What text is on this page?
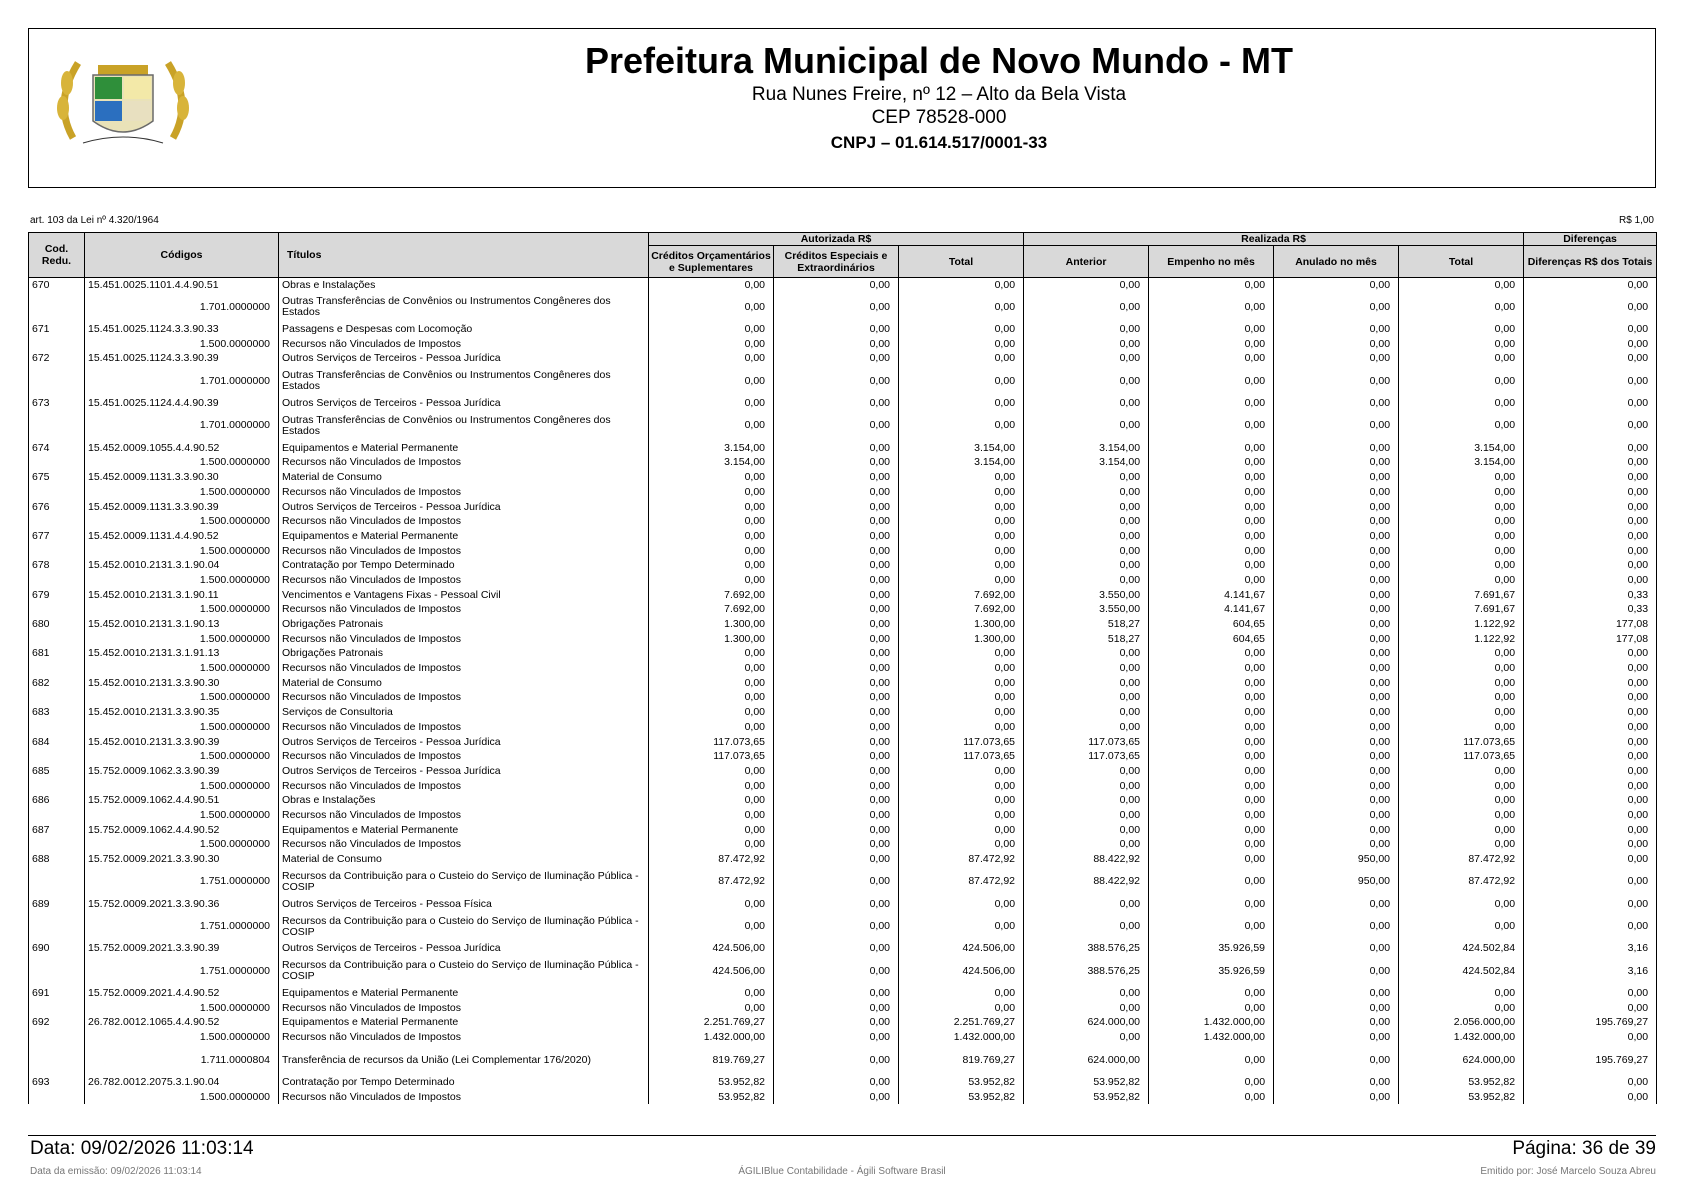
Prefeitura Municipal de Novo Mundo - MT
Rua Nunes Freire, nº 12 – Alto da Bela Vista
CEP 78528-000
CNPJ – 01.614.517/0001-33
art. 103 da Lei nº 4.320/1964	R$ 1,00
Cod. Redu.	Códigos	Títulos	Autorizada R$			Realizada R$				Diferenças
			Créditos Orçamentários e Suplementares	Créditos Especiais e Extraordinários	Total	Anterior	Empenho no mês	Anulado no mês	Total	Diferenças R$ dos Totais
670	15.451.0025.1101.4.4.90.51	Obras e Instalações	0,00	0,00	0,00	0,00	0,00	0,00	0,00	0,00
	1.701.0000000	Outras Transferências de Convênios ou Instrumentos Congêneres dos Estados	0,00	0,00	0,00	0,00	0,00	0,00	0,00	0,00
671	15.451.0025.1124.3.3.90.33	Passagens e Despesas com Locomoção	0,00	0,00	0,00	0,00	0,00	0,00	0,00	0,00
	1.500.0000000	Recursos não Vinculados de Impostos	0,00	0,00	0,00	0,00	0,00	0,00	0,00	0,00
672	15.451.0025.1124.3.3.90.39	Outros Serviços de Terceiros - Pessoa Jurídica	0,00	0,00	0,00	0,00	0,00	0,00	0,00	0,00
	1.701.0000000	Outras Transferências de Convênios ou Instrumentos Congêneres dos Estados	0,00	0,00	0,00	0,00	0,00	0,00	0,00	0,00
673	15.451.0025.1124.4.4.90.39	Outros Serviços de Terceiros - Pessoa Jurídica	0,00	0,00	0,00	0,00	0,00	0,00	0,00	0,00
	1.701.0000000	Outras Transferências de Convênios ou Instrumentos Congêneres dos Estados	0,00	0,00	0,00	0,00	0,00	0,00	0,00	0,00
674	15.452.0009.1055.4.4.90.52	Equipamentos e Material Permanente	3.154,00	0,00	3.154,00	3.154,00	0,00	0,00	3.154,00	0,00
	1.500.0000000	Recursos não Vinculados de Impostos	3.154,00	0,00	3.154,00	3.154,00	0,00	0,00	3.154,00	0,00
675	15.452.0009.1131.3.3.90.30	Material de Consumo	0,00	0,00	0,00	0,00	0,00	0,00	0,00	0,00
	1.500.0000000	Recursos não Vinculados de Impostos	0,00	0,00	0,00	0,00	0,00	0,00	0,00	0,00
676	15.452.0009.1131.3.3.90.39	Outros Serviços de Terceiros - Pessoa Jurídica	0,00	0,00	0,00	0,00	0,00	0,00	0,00	0,00
	1.500.0000000	Recursos não Vinculados de Impostos	0,00	0,00	0,00	0,00	0,00	0,00	0,00	0,00
677	15.452.0009.1131.4.4.90.52	Equipamentos e Material Permanente	0,00	0,00	0,00	0,00	0,00	0,00	0,00	0,00
	1.500.0000000	Recursos não Vinculados de Impostos	0,00	0,00	0,00	0,00	0,00	0,00	0,00	0,00
678	15.452.0010.2131.3.1.90.04	Contratação por Tempo Determinado	0,00	0,00	0,00	0,00	0,00	0,00	0,00	0,00
	1.500.0000000	Recursos não Vinculados de Impostos	0,00	0,00	0,00	0,00	0,00	0,00	0,00	0,00
679	15.452.0010.2131.3.1.90.11	Vencimentos e Vantagens Fixas - Pessoal Civil	7.692,00	0,00	7.692,00	3.550,00	4.141,67	0,00	7.691,67	0,33
	1.500.0000000	Recursos não Vinculados de Impostos	7.692,00	0,00	7.692,00	3.550,00	4.141,67	0,00	7.691,67	0,33
680	15.452.0010.2131.3.1.90.13	Obrigações Patronais	1.300,00	0,00	1.300,00	518,27	604,65	0,00	1.122,92	177,08
	1.500.0000000	Recursos não Vinculados de Impostos	1.300,00	0,00	1.300,00	518,27	604,65	0,00	1.122,92	177,08
681	15.452.0010.2131.3.1.91.13	Obrigações Patronais	0,00	0,00	0,00	0,00	0,00	0,00	0,00	0,00
	1.500.0000000	Recursos não Vinculados de Impostos	0,00	0,00	0,00	0,00	0,00	0,00	0,00	0,00
682	15.452.0010.2131.3.3.90.30	Material de Consumo	0,00	0,00	0,00	0,00	0,00	0,00	0,00	0,00
	1.500.0000000	Recursos não Vinculados de Impostos	0,00	0,00	0,00	0,00	0,00	0,00	0,00	0,00
683	15.452.0010.2131.3.3.90.35	Serviços de Consultoria	0,00	0,00	0,00	0,00	0,00	0,00	0,00	0,00
	1.500.0000000	Recursos não Vinculados de Impostos	0,00	0,00	0,00	0,00	0,00	0,00	0,00	0,00
684	15.452.0010.2131.3.3.90.39	Outros Serviços de Terceiros - Pessoa Jurídica	117.073,65	0,00	117.073,65	117.073,65	0,00	0,00	117.073,65	0,00
	1.500.0000000	Recursos não Vinculados de Impostos	117.073,65	0,00	117.073,65	117.073,65	0,00	0,00	117.073,65	0,00
685	15.752.0009.1062.3.3.90.39	Outros Serviços de Terceiros - Pessoa Jurídica	0,00	0,00	0,00	0,00	0,00	0,00	0,00	0,00
	1.500.0000000	Recursos não Vinculados de Impostos	0,00	0,00	0,00	0,00	0,00	0,00	0,00	0,00
686	15.752.0009.1062.4.4.90.51	Obras e Instalações	0,00	0,00	0,00	0,00	0,00	0,00	0,00	0,00
	1.500.0000000	Recursos não Vinculados de Impostos	0,00	0,00	0,00	0,00	0,00	0,00	0,00	0,00
687	15.752.0009.1062.4.4.90.52	Equipamentos e Material Permanente	0,00	0,00	0,00	0,00	0,00	0,00	0,00	0,00
	1.500.0000000	Recursos não Vinculados de Impostos	0,00	0,00	0,00	0,00	0,00	0,00	0,00	0,00
688	15.752.0009.2021.3.3.90.30	Material de Consumo	87.472,92	0,00	87.472,92	88.422,92	0,00	950,00	87.472,92	0,00
	1.751.0000000	Recursos da Contribuição para o Custeio do Serviço de Iluminação Pública - COSIP	87.472,92	0,00	87.472,92	88.422,92	0,00	950,00	87.472,92	0,00
689	15.752.0009.2021.3.3.90.36	Outros Serviços de Terceiros - Pessoa Física	0,00	0,00	0,00	0,00	0,00	0,00	0,00	0,00
	1.751.0000000	Recursos da Contribuição para o Custeio do Serviço de Iluminação Pública - COSIP	0,00	0,00	0,00	0,00	0,00	0,00	0,00	0,00
690	15.752.0009.2021.3.3.90.39	Outros Serviços de Terceiros - Pessoa Jurídica	424.506,00	0,00	424.506,00	388.576,25	35.926,59	0,00	424.502,84	3,16
	1.751.0000000	Recursos da Contribuição para o Custeio do Serviço de Iluminação Pública - COSIP	424.506,00	0,00	424.506,00	388.576,25	35.926,59	0,00	424.502,84	3,16
691	15.752.0009.2021.4.4.90.52	Equipamentos e Material Permanente	0,00	0,00	0,00	0,00	0,00	0,00	0,00	0,00
	1.500.0000000	Recursos não Vinculados de Impostos	0,00	0,00	0,00	0,00	0,00	0,00	0,00	0,00
692	26.782.0012.1065.4.4.90.52	Equipamentos e Material Permanente	2.251.769,27	0,00	2.251.769,27	624.000,00	1.432.000,00	0,00	2.056.000,00	195.769,27
	1.500.0000000	Recursos não Vinculados de Impostos	1.432.000,00	0,00	1.432.000,00	0,00	1.432.000,00	0,00	1.432.000,00	0,00
	1.711.0000804	Transferência de recursos da União (Lei Complementar 176/2020)	819.769,27	0,00	819.769,27	624.000,00	0,00	0,00	624.000,00	195.769,27
693	26.782.0012.2075.3.1.90.04	Contratação por Tempo Determinado	53.952,82	0,00	53.952,82	53.952,82	0,00	0,00	53.952,82	0,00
	1.500.0000000	Recursos não Vinculados de Impostos	53.952,82	0,00	53.952,82	53.952,82	0,00	0,00	53.952,82	0,00
Data: 09/02/2026 11:03:14	Página: 36 de 39
Data da emissão: 09/02/2026 11:03:14	ÁGILIBlue Contabilidade - Ágili Software Brasil	Emitido por: José Marcelo Souza Abreu
